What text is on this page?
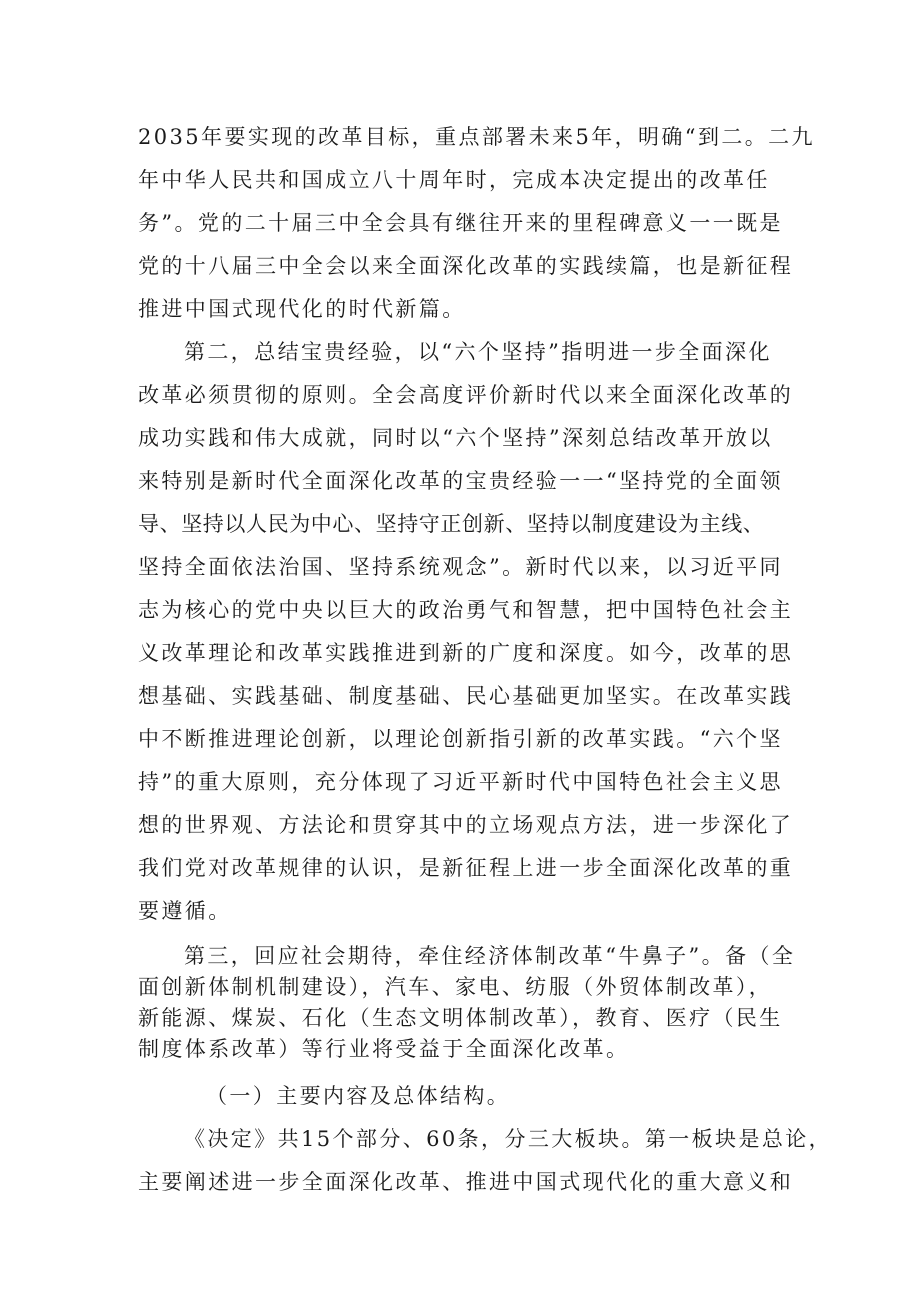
2035年要实现的改革目标，重点部署未来5年，明确“到二。二九
年中华人民共和国成立八十周年时，完成本决定提出的改革任
务”。党的二十届三中全会具有继往开来的里程碑意义一一既是
党的十八届三中全会以来全面深化改革的实践续篇，也是新征程
推进中国式现代化的时代新篇。

第二，总结宝贵经验，以“六个坚持”指明进一步全面深化
改革必须贯彻的原则。全会高度评价新时代以来全面深化改革的
成功实践和伟大成就，同时以“六个坚持”深刻总结改革开放以
来特别是新时代全面深化改革的宝贵经验一一“坚持党的全面领
导、坚持以人民为中心、坚持守正创新、坚持以制度建设为主线、
坚持全面依法治国、坚持系统观念”。新时代以来，以习近平同
志为核心的党中央以巨大的政治勇气和智慧，把中国特色社会主
义改革理论和改革实践推进到新的广度和深度。如今，改革的思
想基础、实践基础、制度基础、民心基础更加坚实。在改革实践
中不断推进理论创新，以理论创新指引新的改革实践。“六个坚
持”的重大原则，充分体现了习近平新时代中国特色社会主义思
想的世界观、方法论和贯穿其中的立场观点方法，进一步深化了
我们党对改革规律的认识，是新征程上进一步全面深化改革的重
要遵循。

第三，回应社会期待，牵住经济体制改革“牛鼻子”。备（全
面创新体制机制建设），汽车、家电、纺服（外贸体制改革），
新能源、煤炭、石化（生态文明体制改革），教育、医疗（民生
制度体系改革）等行业将受益于全面深化改革。

（一）主要内容及总体结构。

《决定》共15个部分、60条，分三大板块。第一板块是总论，
主要阐述进一步全面深化改革、推进中国式现代化的重大意义和
